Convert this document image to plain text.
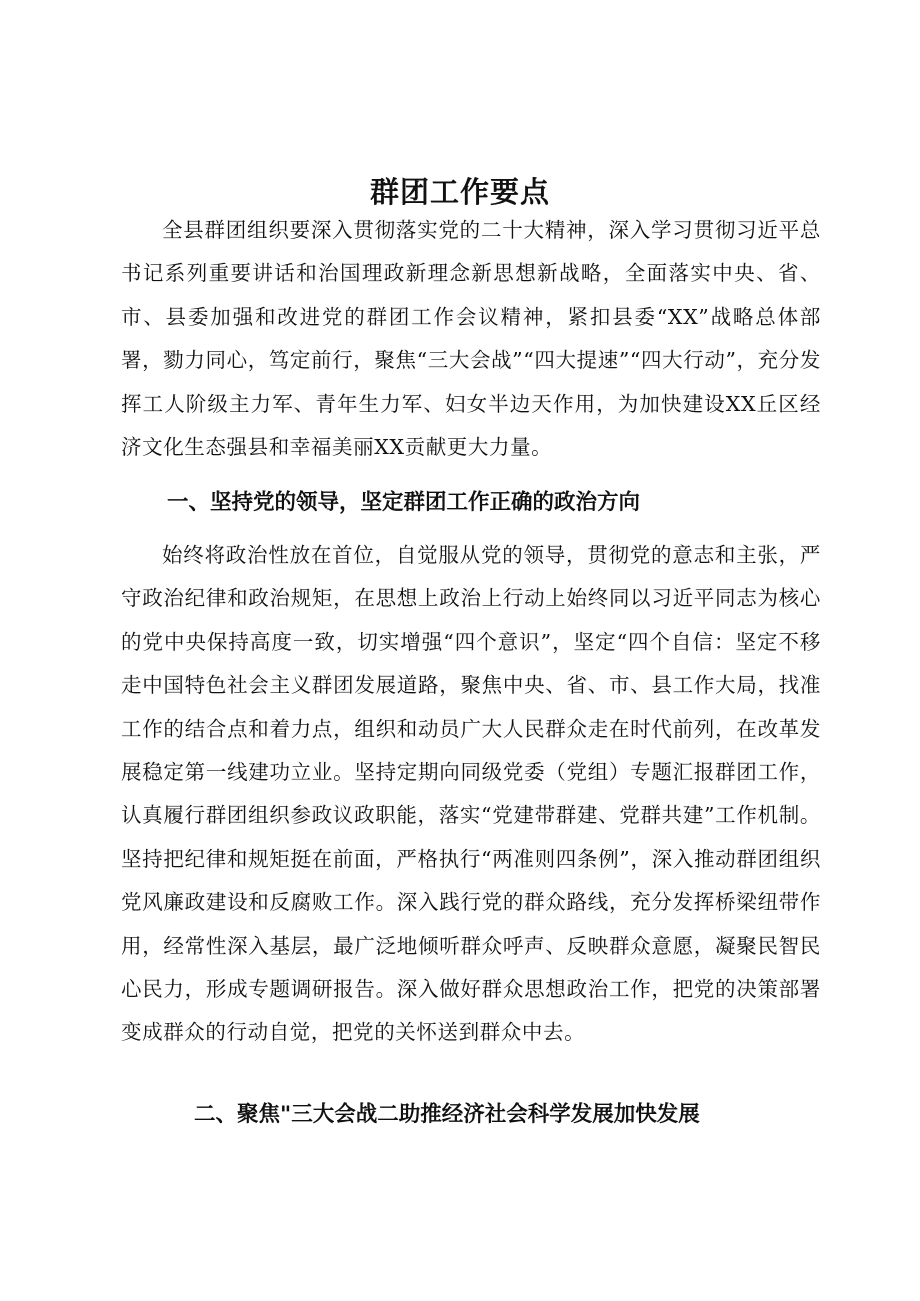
群团工作要点

全县群团组织要深入贯彻落实党的二十大精神，深入学习贯彻习近平总书记系列重要讲话和治国理政新理念新思想新战略，全面落实中央、省、市、县委加强和改进党的群团工作会议精神，紧扣县委“XX”战略总体部署，勠力同心，笃定前行，聚焦“三大会战”“四大提速”“四大行动”，充分发挥工人阶级主力军、青年生力军、妇女半边天作用，为加快建设XX丘区经济文化生态强县和幸福美丽XX贡献更大力量。

一、坚持党的领导，坚定群团工作正确的政治方向

始终将政治性放在首位，自觉服从党的领导，贯彻党的意志和主张，严守政治纪律和政治规矩，在思想上政治上行动上始终同以习近平同志为核心的党中央保持高度一致，切实增强“四个意识”，坚定“四个自信：坚定不移走中国特色社会主义群团发展道路，聚焦中央、省、市、县工作大局，找准工作的结合点和着力点，组织和动员广大人民群众走在时代前列，在改革发展稳定第一线建功立业。坚持定期向同级党委（党组）专题汇报群团工作，认真履行群团组织参政议政职能，落实“党建带群建、党群共建”工作机制。坚持把纪律和规矩挺在前面，严格执行“两准则四条例”，深入推动群团组织党风廉政建设和反腐败工作。深入践行党的群众路线，充分发挥桥梁纽带作用，经常性深入基层，最广泛地倾听群众呼声、反映群众意愿，凝聚民智民心民力，形成专题调研报告。深入做好群众思想政治工作，把党的决策部署变成群众的行动自觉，把党的关怀送到群众中去。

二、聚焦"三大会战二助推经济社会科学发展加快发展
